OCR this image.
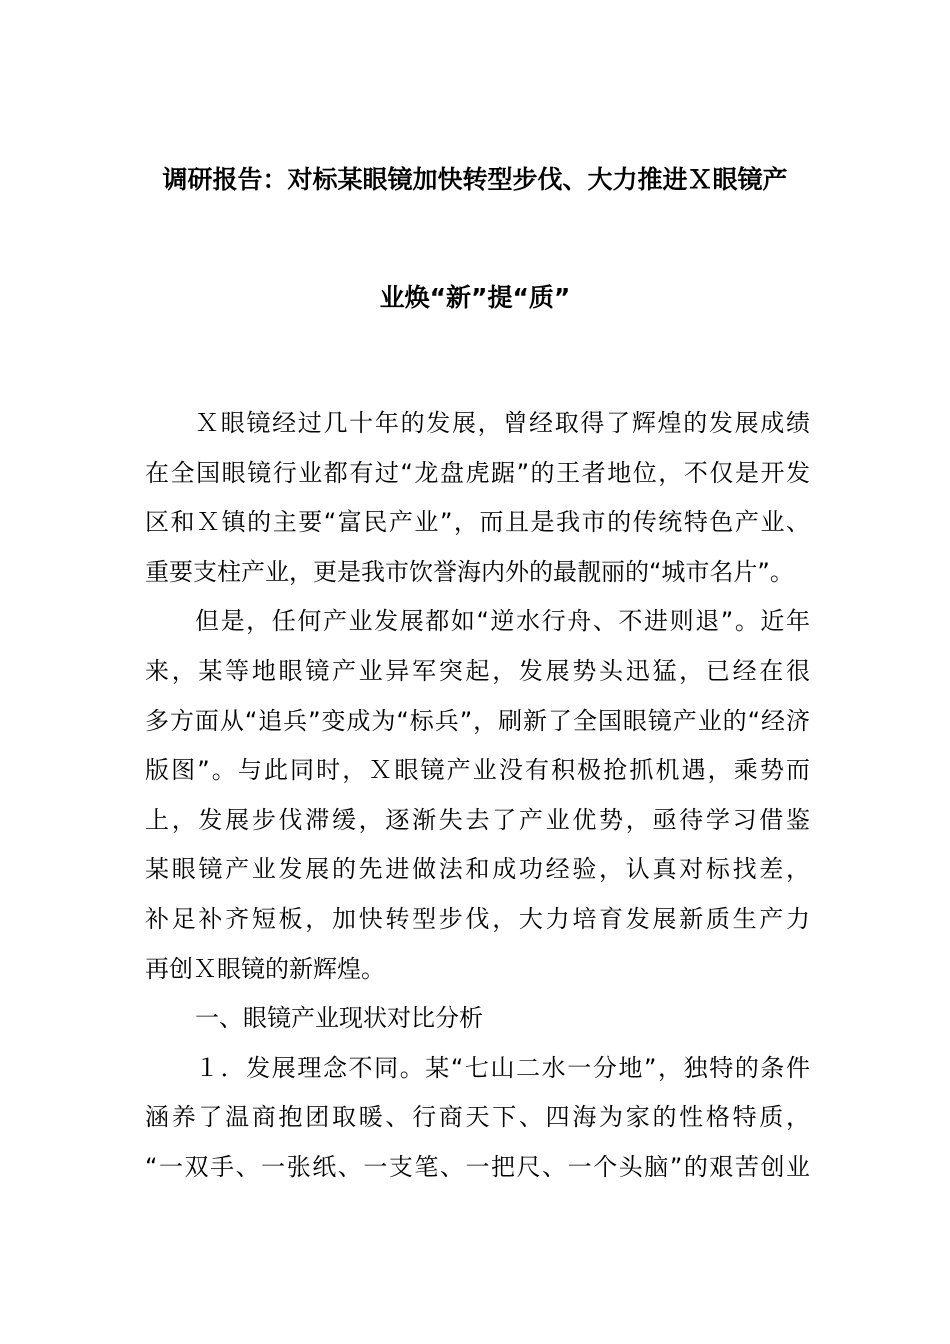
调研报告：对标某眼镜加快转型步伐、大力推进Ｘ眼镜产
业焕“新”提“质”
Ｘ眼镜经过几十年的发展，曾经取得了辉煌的发展成绩
在全国眼镜行业都有过“龙盘虎踞”的王者地位，不仅是开发
区和Ｘ镇的主要“富民产业”，而且是我市的传统特色产业、
重要支柱产业，更是我市饮誉海内外的最靓丽的“城市名片”。
但是，任何产业发展都如“逆水行舟、不进则退”。近年
来，某等地眼镜产业异军突起，发展势头迅猛，已经在很
多方面从“追兵”变成为“标兵”，刷新了全国眼镜产业的“经济
版图”。与此同时，Ｘ眼镜产业没有积极抢抓机遇，乘势而
上，发展步伐滞缓，逐渐失去了产业优势，亟待学习借鉴
某眼镜产业发展的先进做法和成功经验，认真对标找差，
补足补齐短板，加快转型步伐，大力培育发展新质生产力
再创Ｘ眼镜的新辉煌。
一、眼镜产业现状对比分析
１．发展理念不同。某“七山二水一分地”，独特的条件
涵养了温商抱团取暖、行商天下、四海为家的性格特质，
“一双手、一张纸、一支笔、一把尺、一个头脑”的艰苦创业
